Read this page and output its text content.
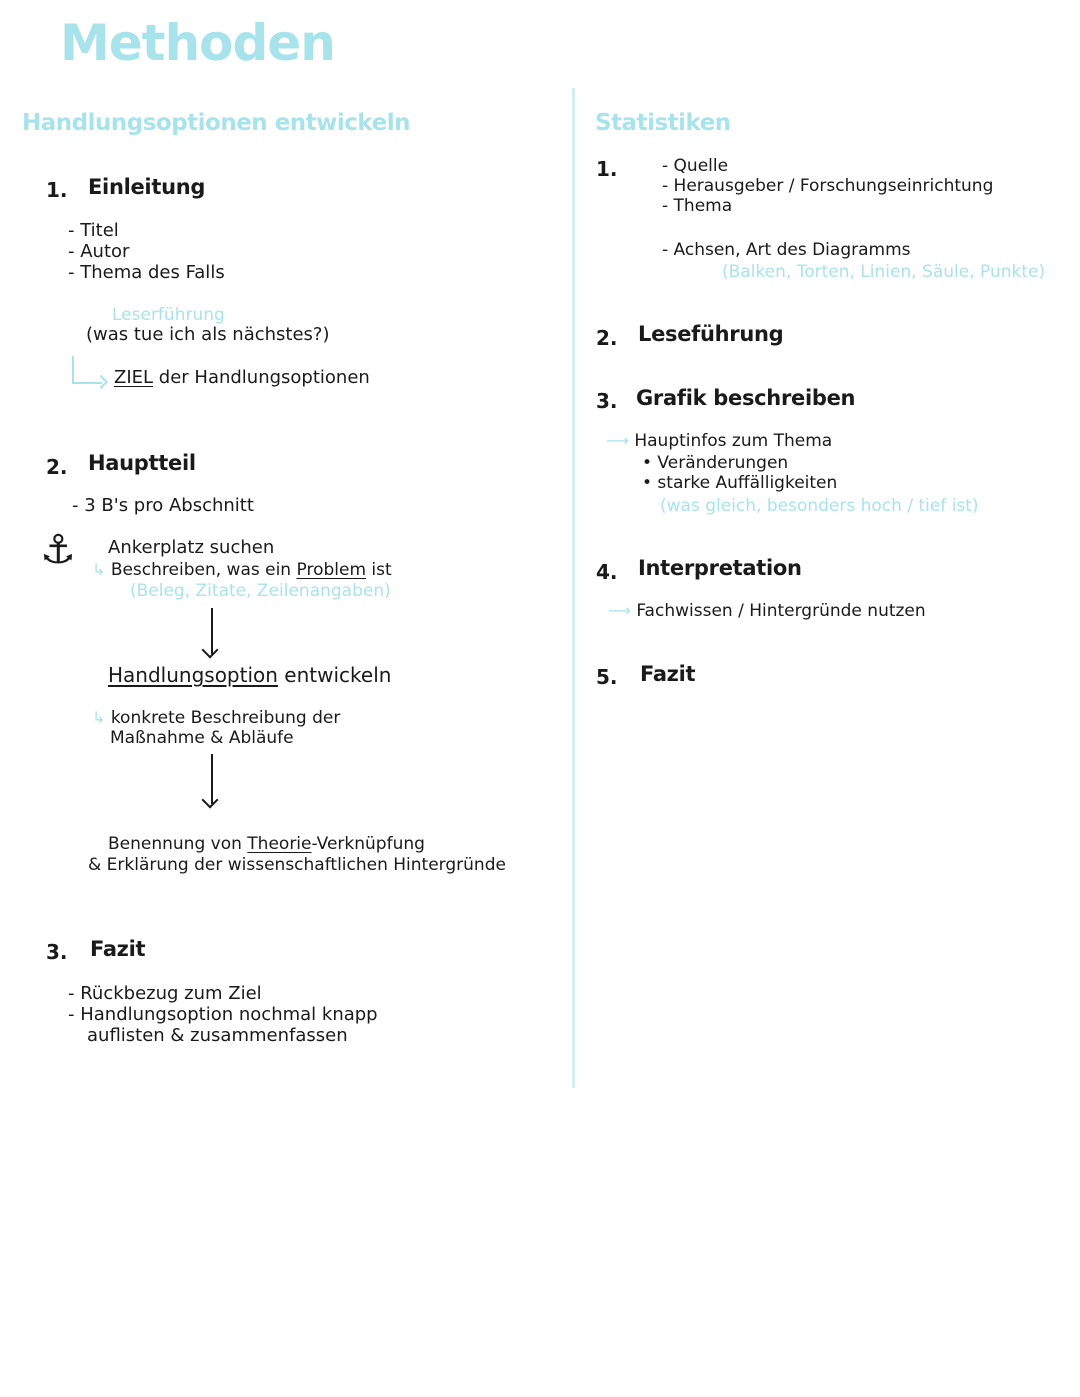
Methoden
Handlungsoptionen entwickeln
1. Einleitung
- Titel
- Autor
- Thema des Falls
Leserführung
(was tue ich als nächstes?)
ZIEL der Handlungsoptionen
2. Hauptteil
- 3 B's pro Abschnitt
⚓ Ankerplatz suchen
↳ Beschreiben, was ein Problem ist
(Beleg, Zitate, Zeilenangaben)
Handlungsoption entwickeln
↳ konkrete Beschreibung der
Maßnahme & Abläufe
Benennung von Theorie-Verknüpfung
& Erklärung der wissenschaftlichen Hintergründe
3. Fazit
- Rückbezug zum Ziel
- Handlungsoption nochmal knapp
auflisten & zusammenfassen
Statistiken
1.	- Quelle
- Herausgeber / Forschungseinrichtung
- Thema
- Achsen, Art des Diagramms
(Balken, Torten, Linien, Säule, Punkte)
2. Leseführung
3. Grafik beschreiben
⟶ Hauptinfos zum Thema
• Veränderungen
• starke Auffälligkeiten
(was gleich, besonders hoch / tief ist)
4. Interpretation
⟶ Fachwissen / Hintergründe nutzen
5. Fazit
